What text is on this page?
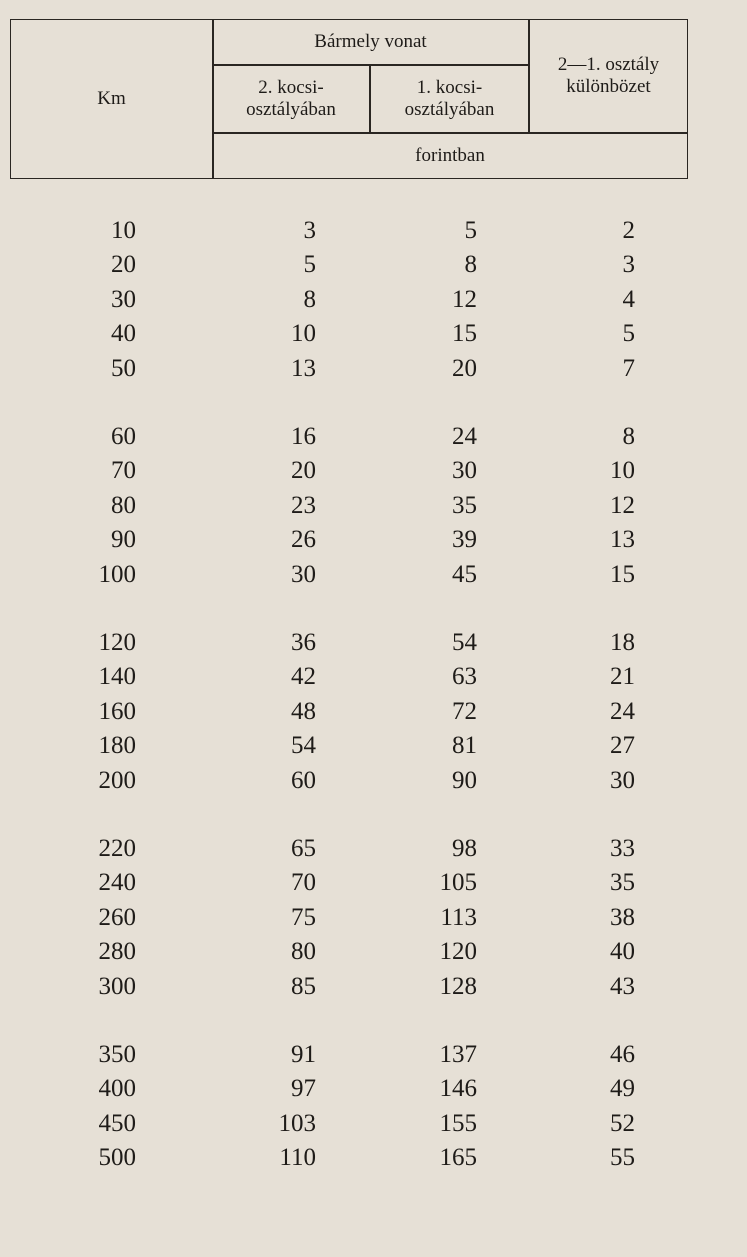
Km
Bármely vonat
2. kocsi-
osztályában
1. kocsi-
osztályában
2—1. osztály
különbözet
forintban
10	3	5	2
20	5	8	3
30	8	12	4
40	10	15	5
50	13	20	7
60	16	24	8
70	20	30	10
80	23	35	12
90	26	39	13
100	30	45	15
120	36	54	18
140	42	63	21
160	48	72	24
180	54	81	27
200	60	90	30
220	65	98	33
240	70	105	35
260	75	113	38
280	80	120	40
300	85	128	43
350	91	137	46
400	97	146	49
450	103	155	52
500	110	165	55
